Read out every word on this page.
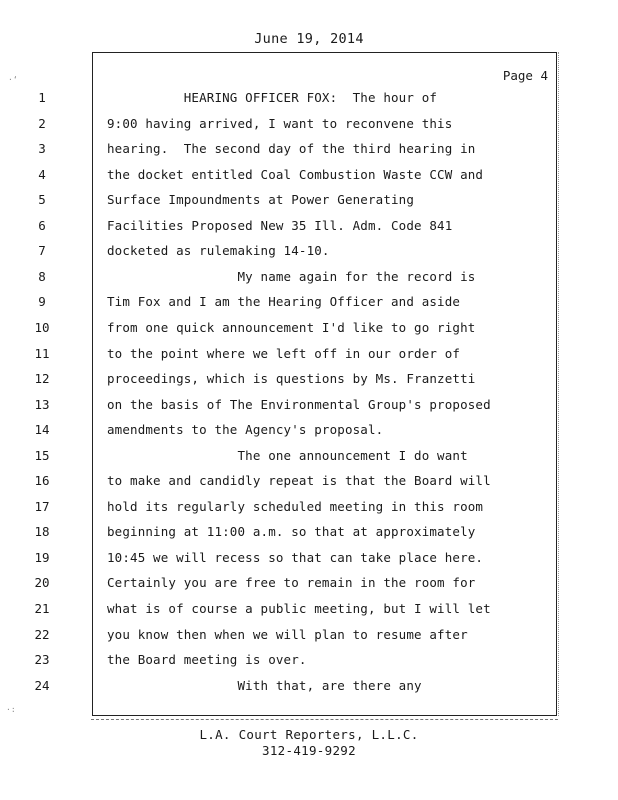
June 19, 2014
Page 4
1	HEARING OFFICER FOX:  The hour of
2	9:00 having arrived, I want to reconvene this
3	hearing.  The second day of the third hearing in
4	the docket entitled Coal Combustion Waste CCW and
5	Surface Impoundments at Power Generating
6	Facilities Proposed New 35 Ill. Adm. Code 841
7	docketed as rulemaking 14-10.
8	My name again for the record is
9	Tim Fox and I am the Hearing Officer and aside
10	from one quick announcement I'd like to go right
11	to the point where we left off in our order of
12	proceedings, which is questions by Ms. Franzetti
13	on the basis of The Environmental Group's proposed
14	amendments to the Agency's proposal.
15	The one announcement I do want
16	to make and candidly repeat is that the Board will
17	hold its regularly scheduled meeting in this room
18	beginning at 11:00 a.m. so that at approximately
19	10:45 we will recess so that can take place here.
20	Certainly you are free to remain in the room for
21	what is of course a public meeting, but I will let
22	you know then when we will plan to resume after
23	the Board meeting is over.
24	With that, are there any
L.A. Court Reporters, L.L.C.
312-419-9292
·‘
·:
